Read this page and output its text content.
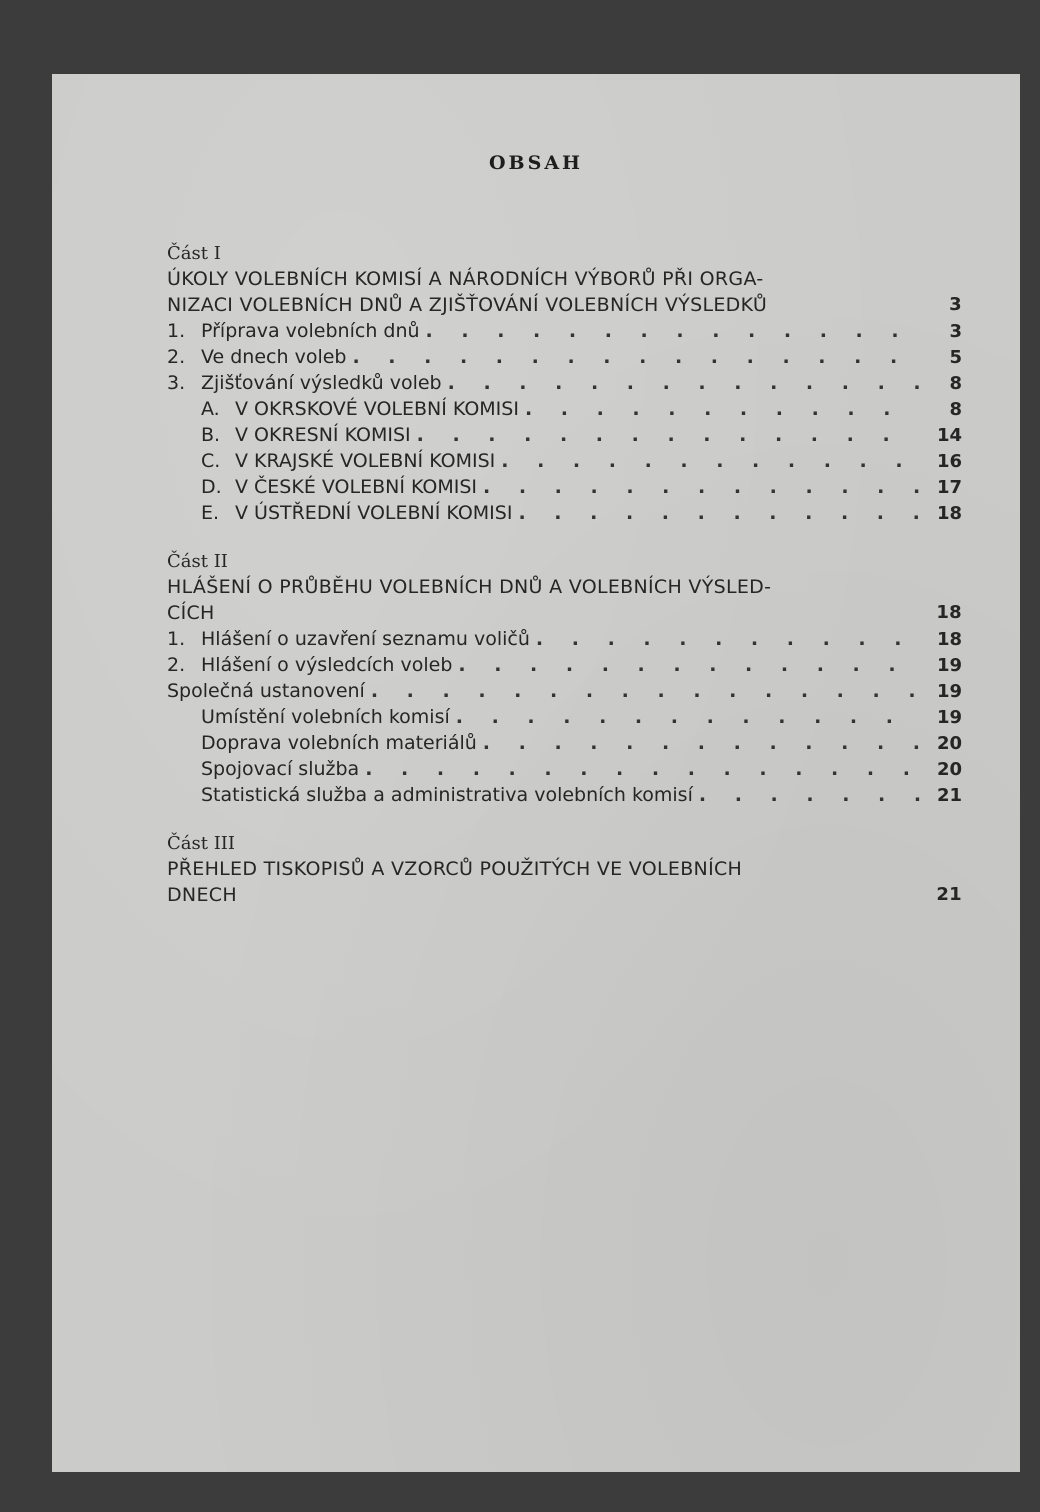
OBSAH
Část I
ÚKOLY VOLEBNÍCH KOMISÍ A NÁRODNÍCH VÝBORŮ PŘI ORGA-
NIZACI VOLEBNÍCH DNŮ A ZJIŠŤOVÁNÍ VOLEBNÍCH VÝSLEDKŮ	3
1. Příprava volebních dnů . . .	3
2. Ve dnech voleb . . .	5
3. Zjišťování výsledků voleb . . .	8
A. V OKRSKOVÉ VOLEBNÍ KOMISI . . .	8
B. V OKRESNÍ KOMISI . . .	14
C. V KRAJSKÉ VOLEBNÍ KOMISI . . .	16
D. V ČESKÉ VOLEBNÍ KOMISI . . .	17
E. V ÚSTŘEDNÍ VOLEBNÍ KOMISI . . .	18
Část II
HLÁŠENÍ O PRŮBĚHU VOLEBNÍCH DNŮ A VOLEBNÍCH VÝSLED-
CÍCH	18
1. Hlášení o uzavření seznamu voličů . . .	18
2. Hlášení o výsledcích voleb . . .	19
Společná ustanovení . . .	19
Umístění volebních komisí . . .	19
Doprava volebních materiálů . . .	20
Spojovací služba . . .	20
Statistická služba a administrativa volebních komisí . . .	21
Část III
PŘEHLED TISKOPISŮ A VZORCŮ POUŽITÝCH VE VOLEBNÍCH
DNECH	21
